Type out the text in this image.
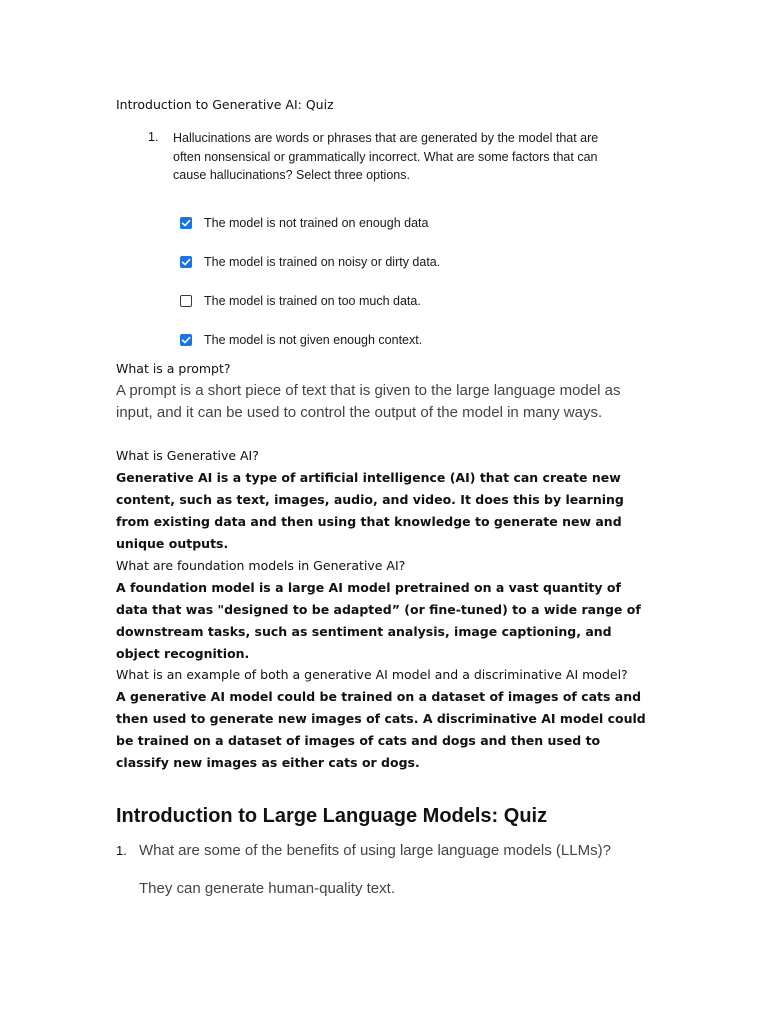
Introduction to Generative AI: Quiz
1. Hallucinations are words or phrases that are generated by the model that are often nonsensical or grammatically incorrect. What are some factors that can cause hallucinations? Select three options.

The model is not trained on enough data
The model is trained on noisy or dirty data.
The model is trained on too much data.
The model is not given enough context.

What is a prompt?

A prompt is a short piece of text that is given to the large language model as input, and it can be used to control the output of the model in many ways.

What is Generative AI?

Generative AI is a type of artificial intelligence (AI) that can create new content, such as text, images, audio, and video. It does this by learning from existing data and then using that knowledge to generate new and unique outputs.

What are foundation models in Generative AI?

A foundation model is a large AI model pretrained on a vast quantity of data that was "designed to be adapted” (or fine-tuned) to a wide range of downstream tasks, such as sentiment analysis, image captioning, and object recognition.

What is an example of both a generative AI model and a discriminative AI model?

A generative AI model could be trained on a dataset of images of cats and then used to generate new images of cats. A discriminative AI model could be trained on a dataset of images of cats and dogs and then used to classify new images as either cats or dogs.

Introduction to Large Language Models: Quiz
1. What are some of the benefits of using large language models (LLMs)?
They can generate human-quality text.
